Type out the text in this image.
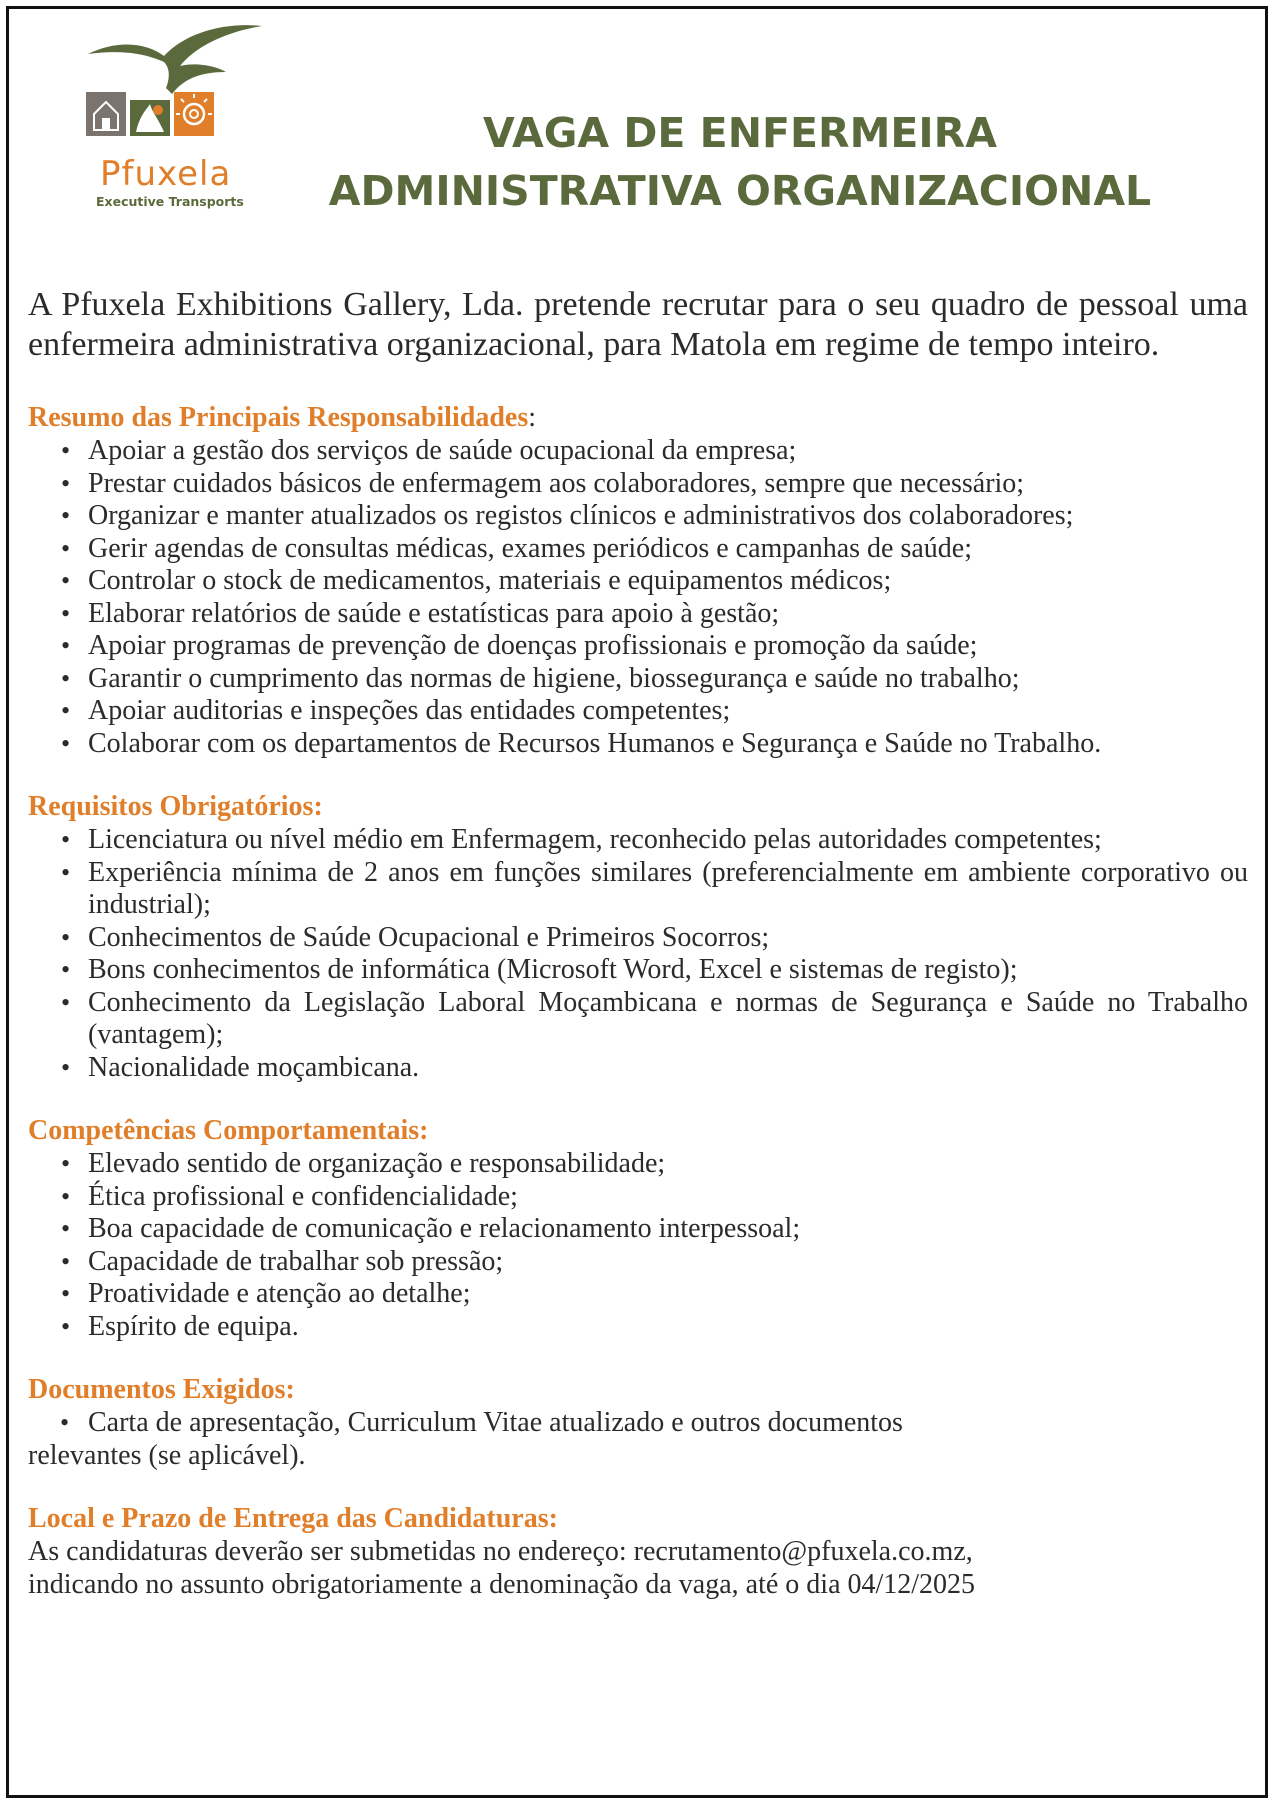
Pfuxela
Executive Transports
VAGA DE ENFERMEIRA
ADMINISTRATIVA ORGANIZACIONAL

A Pfuxela Exhibitions Gallery, Lda. pretende recrutar para o seu quadro de pessoal uma enfermeira administrativa organizacional, para Matola em regime de tempo inteiro.

Resumo das Principais Responsabilidades:

• Apoiar a gestão dos serviços de saúde ocupacional da empresa;
• Prestar cuidados básicos de enfermagem aos colaboradores, sempre que necessário;
• Organizar e manter atualizados os registos clínicos e administrativos dos colaboradores;
• Gerir agendas de consultas médicas, exames periódicos e campanhas de saúde;
• Controlar o stock de medicamentos, materiais e equipamentos médicos;
• Elaborar relatórios de saúde e estatísticas para apoio à gestão;
• Apoiar programas de prevenção de doenças profissionais e promoção da saúde;
• Garantir o cumprimento das normas de higiene, biossegurança e saúde no trabalho;
• Apoiar auditorias e inspeções das entidades competentes;
• Colaborar com os departamentos de Recursos Humanos e Segurança e Saúde no Trabalho.

Requisitos Obrigatórios:

• Licenciatura ou nível médio em Enfermagem, reconhecido pelas autoridades competentes;
• Experiência mínima de 2 anos em funções similares (preferencialmente em ambiente corporativo ou industrial);
• Conhecimentos de Saúde Ocupacional e Primeiros Socorros;
• Bons conhecimentos de informática (Microsoft Word, Excel e sistemas de registo);
• Conhecimento da Legislação Laboral Moçambicana e normas de Segurança e Saúde no Trabalho (vantagem);
• Nacionalidade moçambicana.

Competências Comportamentais:

• Elevado sentido de organização e responsabilidade;
• Ética profissional e confidencialidade;
• Boa capacidade de comunicação e relacionamento interpessoal;
• Capacidade de trabalhar sob pressão;
• Proatividade e atenção ao detalhe;
• Espírito de equipa.

Documentos Exigidos:

• Carta de apresentação, Curriculum Vitae atualizado e outros documentos

relevantes (se aplicável).

Local e Prazo de Entrega das Candidaturas:

As candidaturas deverão ser submetidas no endereço: recrutamento@pfuxela.co.mz,

indicando no assunto obrigatoriamente a denominação da vaga, até o dia 04/12/2025
